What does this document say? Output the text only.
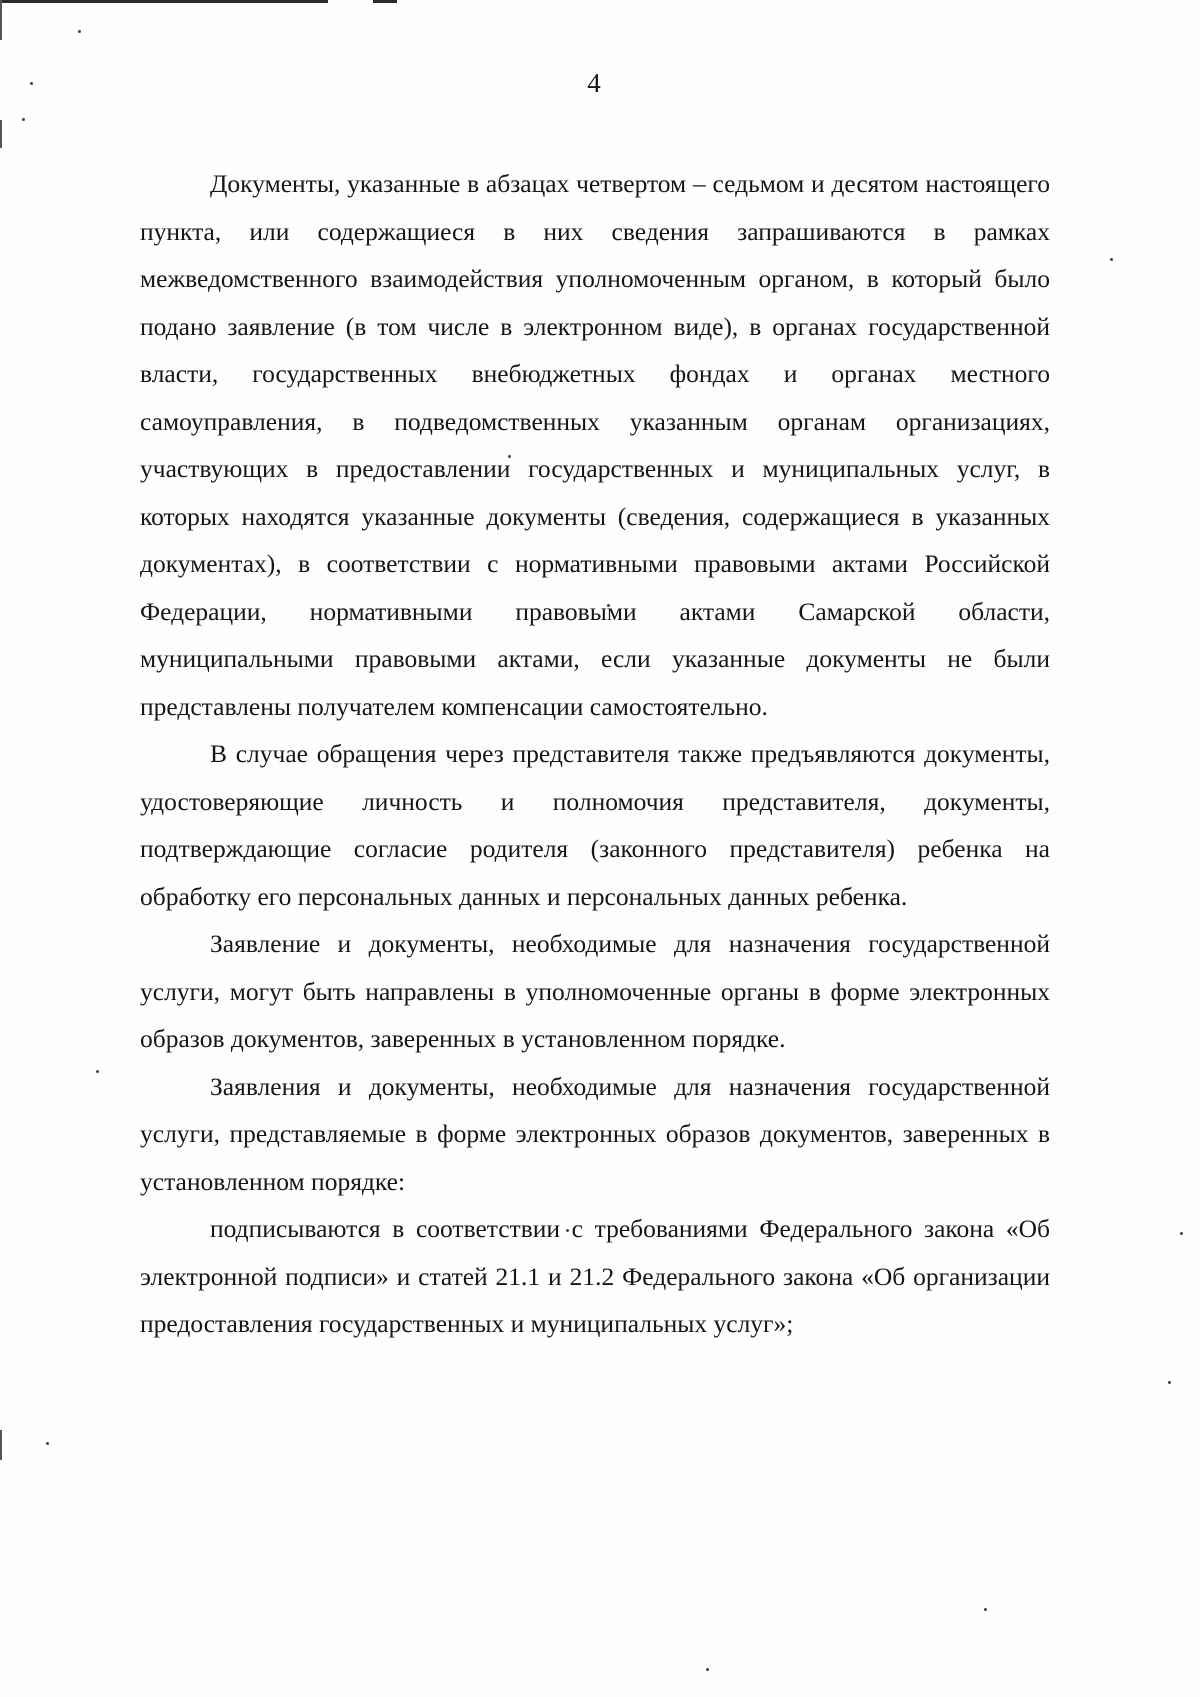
4

Документы, указанные в абзацах четвертом – седьмом и десятом настоящего пункта, или содержащиеся в них сведения запрашиваются в рамках межведомственного взаимодействия уполномоченным органом, в который было подано заявление (в том числе в электронном виде), в органах государственной власти, государственных внебюджетных фондах и органах местного самоуправления, в подведомственных указанным органам организациях, участвующих в предоставлении государственных и муниципальных услуг, в которых находятся указанные документы (сведения, содержащиеся в указанных документах), в соответствии с нормативными правовыми актами Российской Федерации, нормативными правовыми актами Самарской области, муниципальными правовыми актами, если указанные документы не были представлены получателем компенсации самостоятельно.

В случае обращения через представителя также предъявляются документы, удостоверяющие личность и полномочия представителя, документы, подтверждающие согласие родителя (законного представителя) ребенка на обработку его персональных данных и персональных данных ребенка.

Заявление и документы, необходимые для назначения государственной услуги, могут быть направлены в уполномоченные органы в форме электронных образов документов, заверенных в установленном порядке.

Заявления и документы, необходимые для назначения государственной услуги, представляемые в форме электронных образов документов, заверенных в установленном порядке:

подписываются в соответствии с требованиями Федерального закона «Об электронной подписи» и статей 21.1 и 21.2 Федерального закона «Об организации предоставления государственных и муниципальных услуг»;
